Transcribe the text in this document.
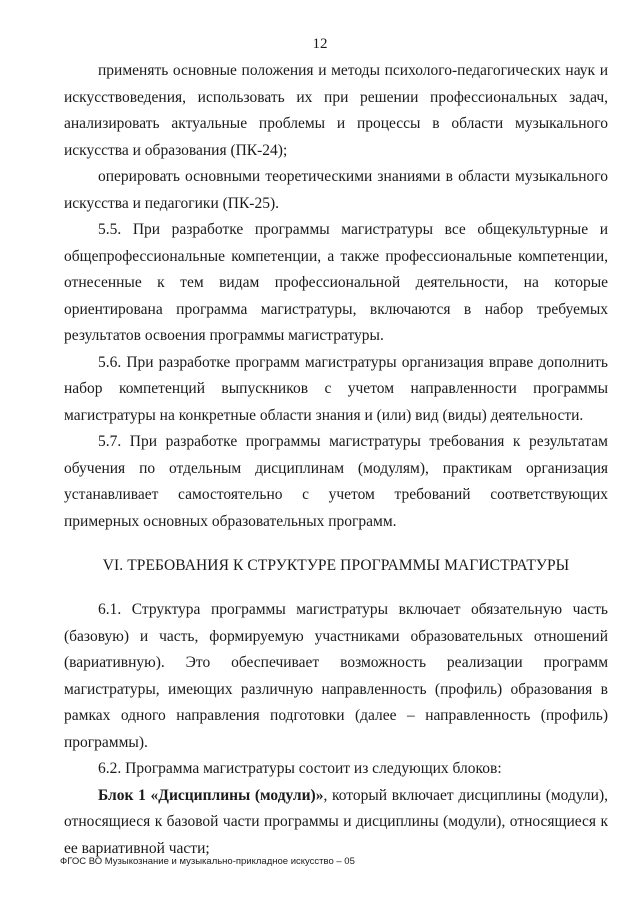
12

применять основные положения и методы психолого-педагогических наук и искусствоведения, использовать их при решении профессиональных задач, анализировать актуальные проблемы и процессы в области музыкального искусства и образования (ПК-24);

оперировать основными теоретическими знаниями в области музыкального искусства и педагогики (ПК-25).

5.5. При разработке программы магистратуры все общекультурные и общепрофессиональные компетенции, а также профессиональные компетенции, отнесенные к тем видам профессиональной деятельности, на которые ориентирована программа магистратуры, включаются в набор требуемых результатов освоения программы магистратуры.

5.6. При разработке программ магистратуры организация вправе дополнить набор компетенций выпускников с учетом направленности программы магистратуры на конкретные области знания и (или) вид (виды) деятельности.

5.7. При разработке программы магистратуры требования к результатам обучения по отдельным дисциплинам (модулям), практикам организация устанавливает самостоятельно с учетом требований соответствующих примерных основных образовательных программ.

VI. ТРЕБОВАНИЯ К СТРУКТУРЕ ПРОГРАММЫ МАГИСТРАТУРЫ

6.1. Структура программы магистратуры включает обязательную часть (базовую) и часть, формируемую участниками образовательных отношений (вариативную). Это обеспечивает возможность реализации программ магистратуры, имеющих различную направленность (профиль) образования в рамках одного направления подготовки (далее – направленность (профиль) программы).

6.2. Программа магистратуры состоит из следующих блоков:

Блок 1 «Дисциплины (модули)», который включает дисциплины (модули), относящиеся к базовой части программы и дисциплины (модули), относящиеся к ее вариативной части;

ФГОС ВО Музыкознание и музыкально-прикладное искусство – 05
